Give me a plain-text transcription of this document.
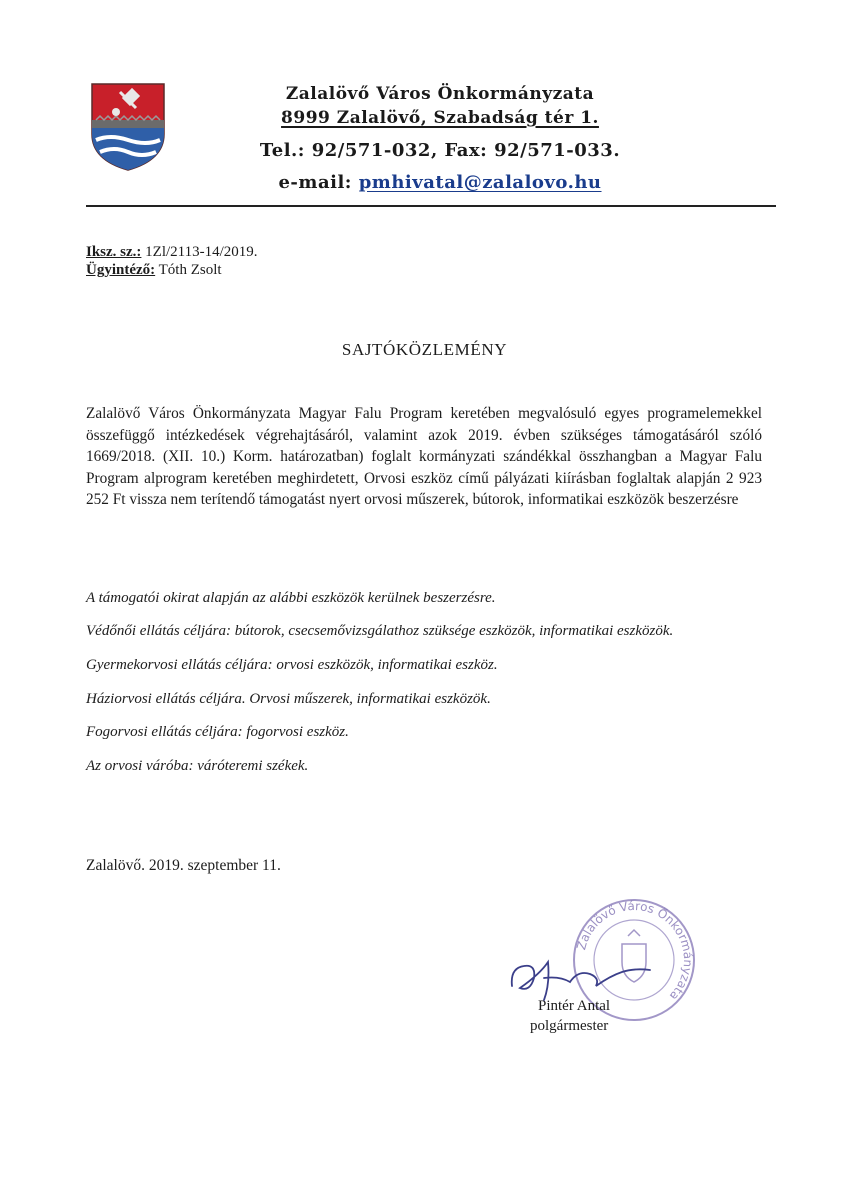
Zalalövő Város Önkormányzata
8999 Zalalövő, Szabadság tér 1.
Tel.: 92/571-032, Fax: 92/571-033.
e-mail: pmhivatal@zalalovo.hu
Iksz. sz.: 1Zl/2113-14/2019.
Ügyintéző: Tóth Zsolt
SAJTÓKÖZLEMÉNY
Zalalövő Város Önkormányzata Magyar Falu Program keretében megvalósuló egyes programelemekkel összefüggő intézkedések végrehajtásáról, valamint azok 2019. évben szükséges támogatásáról szóló 1669/2018. (XII. 10.) Korm. határozatban) foglalt kormányzati szándékkal összhangban a Magyar Falu Program alprogram keretében meghirdetett, Orvosi eszköz című pályázati kiírásban foglaltak alapján 2 923 252 Ft vissza nem terítendő támogatást nyert orvosi műszerek, bútorok, informatikai eszközök beszerzésre
A támogatói okirat alapján az alábbi eszközök kerülnek beszerzésre.
Védőnői ellátás céljára: bútorok, csecsemővizsgálathoz szüksége eszközök, informatikai eszközök.
Gyermekorvosi ellátás céljára: orvosi eszközök, informatikai eszköz.
Háziorvosi ellátás céljára. Orvosi műszerek, informatikai eszközök.
Fogorvosi ellátás céljára: fogorvosi eszköz.
Az orvosi váróba: váróteremi székek.
Zalalövő. 2019. szeptember 11.
Zalalövő Város Önkormányzata
Pintér Antal
polgármester
